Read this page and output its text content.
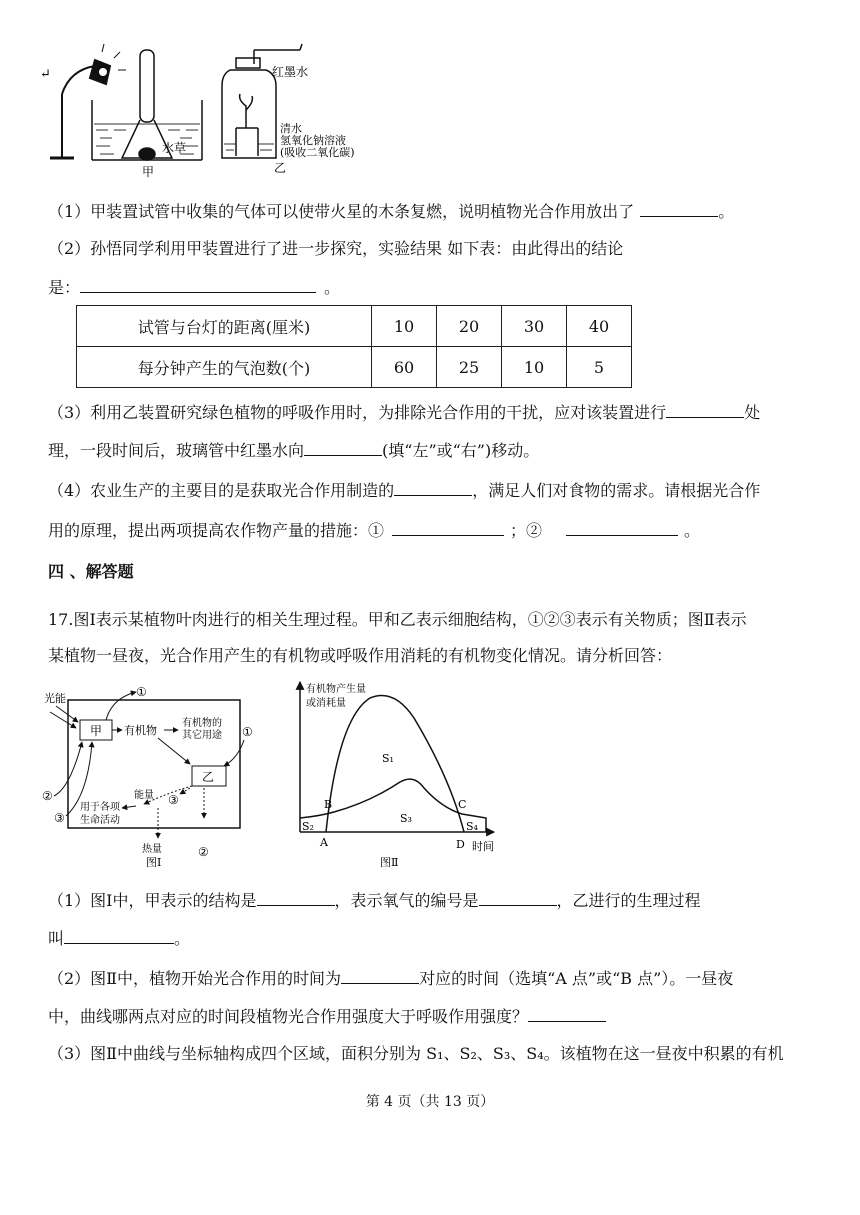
↵
水草
甲
红墨水
清水
氢氧化钠溶液
(吸收二氧化碳)
乙
（1）甲装置试管中收集的气体可以使带火星的木条复燃，说明植物光合作用放出了	。
（2）孙悟同学利用甲装置进行了进一步探究，实验结果 如下表：由此得出的结论
是：	。
试管与台灯的距离(厘米)	10	20	30	40
每分钟产生的气泡数(个)	60	25	10	5
（3）利用乙装置研究绿色植物的呼吸作用时，为排除光合作用的干扰，应对该装置进行	处
理，一段时间后，玻璃管中红墨水向	(填“左”或“右”)移动。
（4）农业生产的主要目的是获取光合作用制造的	，满足人们对食物的需求。请根据光合作
用的原理，提出两项提高农作物产量的措施：①	；②	。
四 、解答题
17.图Ⅰ表示某植物叶肉进行的相关生理过程。甲和乙表示细胞结构，①②③表示有关物质；图Ⅱ表示
某植物一昼夜，光合作用产生的有机物或呼吸作用消耗的有机物变化情况。请分析回答：
光能
甲
①
有机物
有机物的
其它用途 ①
乙
②
③
能量
用于各项
生命活动
③
热量	②
图Ⅰ
有机物产生量
或消耗量
时间
S₁
S₂
S₃
S₄
A
B	C
D
图Ⅱ
（1）图Ⅰ中，甲表示的结构是	，表示氧气的编号是	，乙进行的生理过程
叫	。
（2）图Ⅱ中，植物开始光合作用的时间为	对应的时间（选填“A 点”或“B 点”）。一昼夜
中，曲线哪两点对应的时间段植物光合作用强度大于呼吸作用强度？
（3）图Ⅱ中曲线与坐标轴构成四个区域，面积分别为 S₁、S₂、S₃、S₄。该植物在这一昼夜中积累的有机
第 4 页（共 13 页）
